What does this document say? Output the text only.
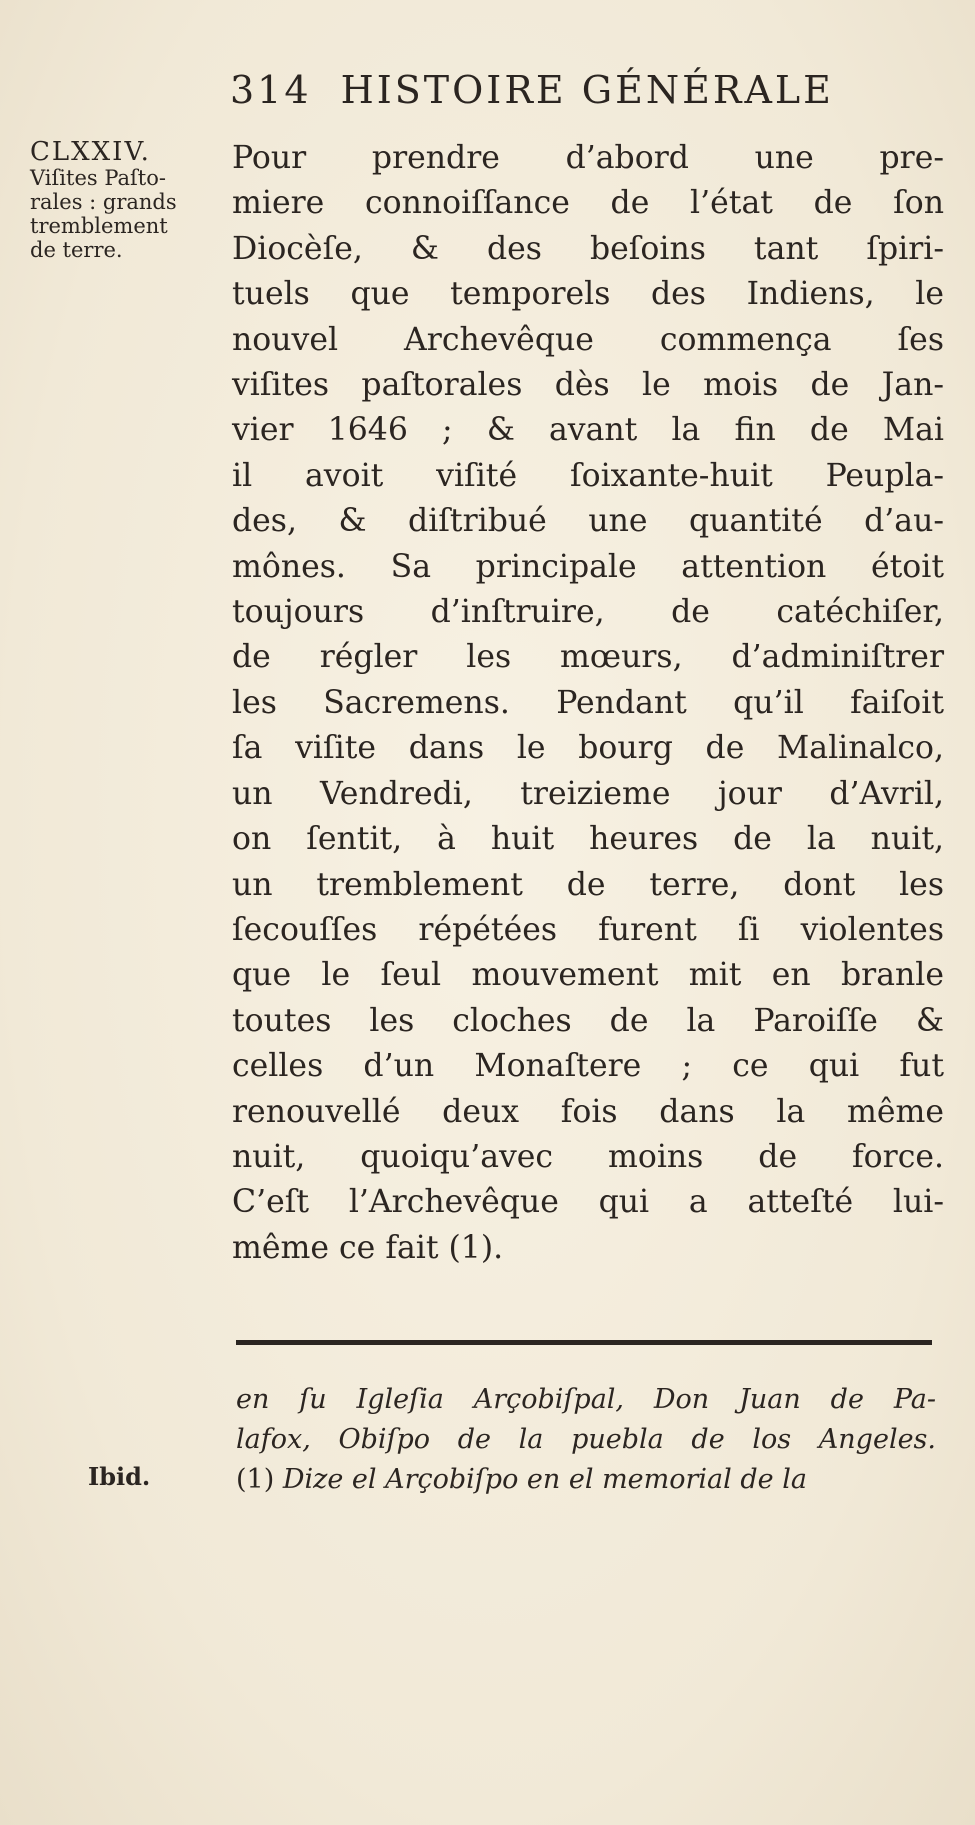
314 HISTOIRE GÉNÉRALE
CLXXIV.
Viſites Paſto-
rales : grands
tremblement
de terre.
Pour prendre d’abord une pre-
miere connoiſſance de l’état de ſon
Diocèſe, & des beſoins tant ſpiri-
tuels que temporels des Indiens, le
nouvel Archevêque commença ſes
viſites paſtorales dès le mois de Jan-
vier 1646 ; & avant la fin de Mai
il avoit viſité ſoixante-huit Peupla-
des, & diſtribué une quantité d’au-
mônes. Sa principale attention étoit
toujours d’inſtruire, de catéchiſer,
de régler les mœurs, d’adminiſtrer
les Sacremens. Pendant qu’il faiſoit
ſa viſite dans le bourg de Malinalco,
un Vendredi, treizieme jour d’Avril,
on ſentit, à huit heures de la nuit,
un tremblement de terre, dont les
ſecouſſes répétées furent ſi violentes
que le ſeul mouvement mit en branle
toutes les cloches de la Paroiſſe &
celles d’un Monaſtere ; ce qui fut
renouvellé deux fois dans la même
nuit, quoiqu’avec moins de force.
C’eſt l’Archevêque qui a atteſté lui-
même ce fait (1).
en ſu Igleſia Arçobiſpal, Don Juan de Pa-
lafox, Obiſpo de la puebla de los Angeles.
(1) Dize el Arçobiſpo en el memorial de la
Ibid.
